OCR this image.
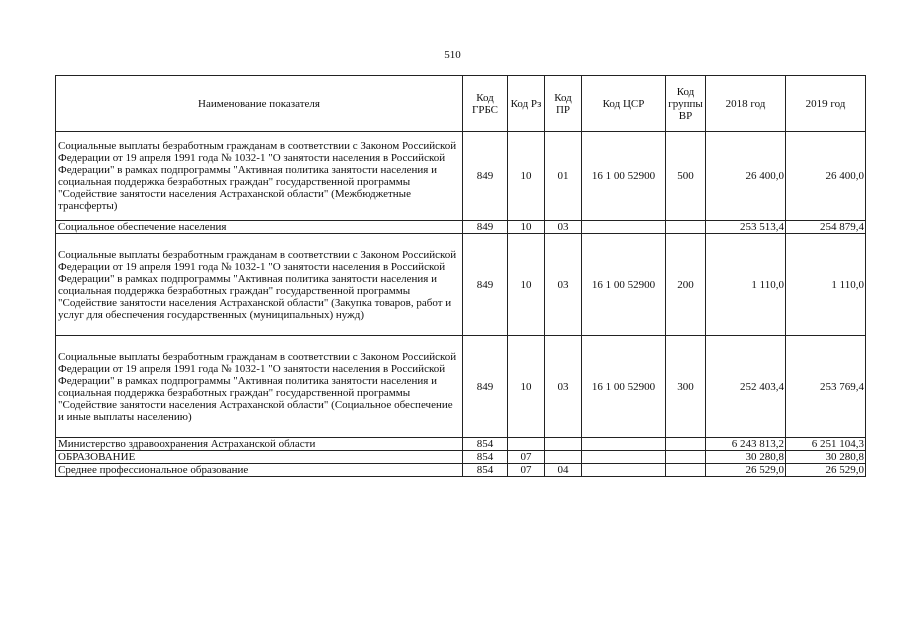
510
Наименование показателя	Код ГРБС	Код Рз	Код ПР	Код ЦСР	Код группы ВР	2018 год	2019 год
Социальные выплаты безработным гражданам в соответствии с Законом Российской Федерации от 19 апреля 1991 года № 1032-1 "О занятости населения в Российской Федерации" в рамках подпрограммы "Активная политика занятости населения и социальная поддержка безработных граждан" государственной программы "Содействие занятости населения Астраханской области" (Межбюджетные трансферты)	849	10	01	16 1 00 52900	500	26 400,0	26 400,0
Социальное обеспечение населения	849	10	03			253 513,4	254 879,4
Социальные выплаты безработным гражданам в соответствии с Законом Российской Федерации от 19 апреля 1991 года № 1032-1 "О занятости населения в Российской Федерации" в рамках подпрограммы "Активная политика занятости населения и социальная поддержка безработных граждан" государственной программы "Содействие занятости населения Астраханской области" (Закупка товаров, работ и услуг для обеспечения государственных (муниципальных) нужд)	849	10	03	16 1 00 52900	200	1 110,0	1 110,0
Социальные выплаты безработным гражданам в соответствии с Законом Российской Федерации от 19 апреля 1991 года № 1032-1 "О занятости населения в Российской Федерации" в рамках подпрограммы "Активная политика занятости населения и социальная поддержка безработных граждан" государственной программы "Содействие занятости населения Астраханской области" (Социальное обеспечение и иные выплаты населению)	849	10	03	16 1 00 52900	300	252 403,4	253 769,4
Министерство здравоохранения Астраханской области	854					6 243 813,2	6 251 104,3
ОБРАЗОВАНИЕ	854	07				30 280,8	30 280,8
Среднее профессиональное образование	854	07	04			26 529,0	26 529,0
